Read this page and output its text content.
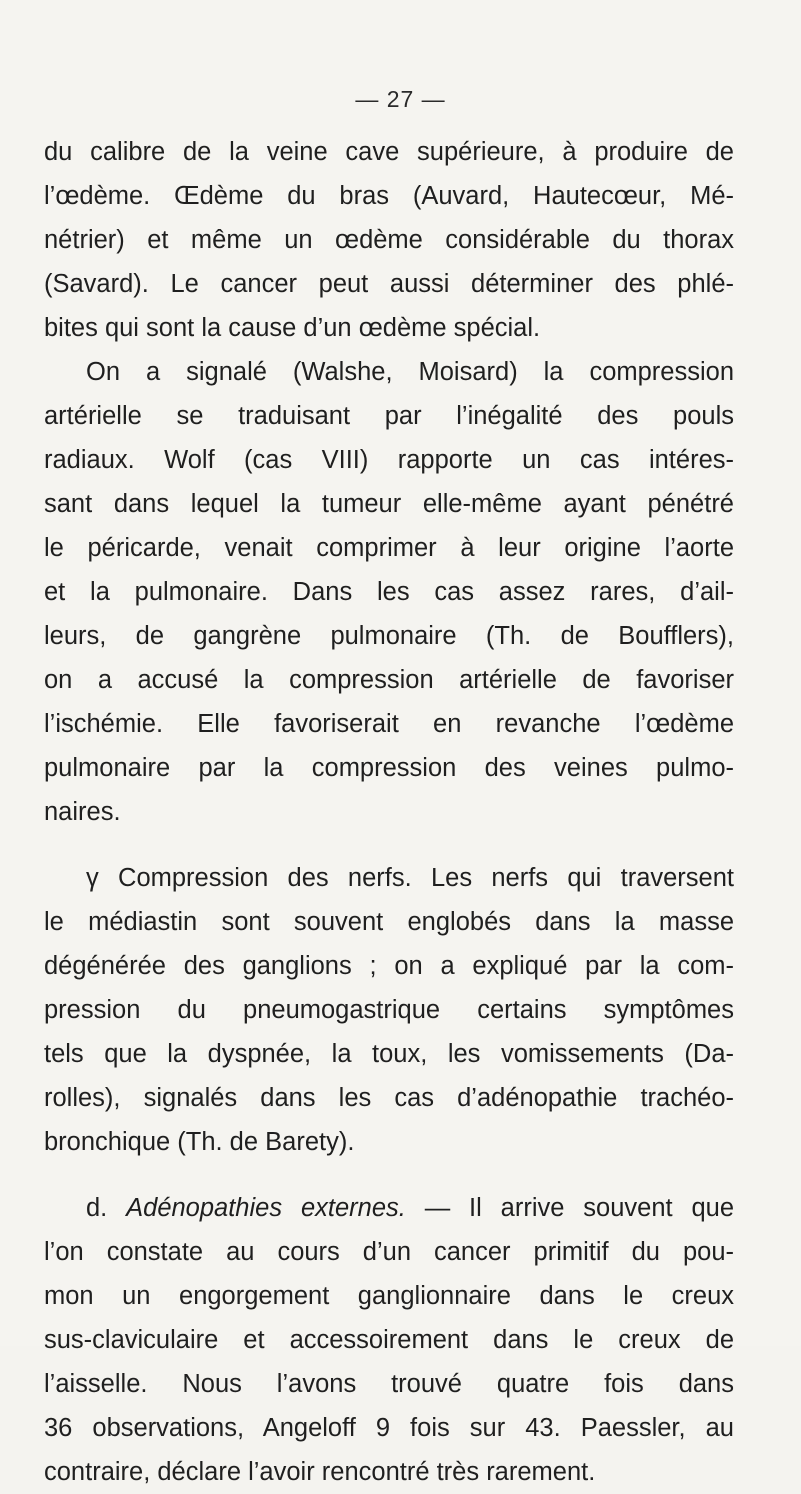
— 27 —
du calibre de la veine cave supérieure, à produire de
l’œdème. Œdème du bras (Auvard, Hautecœur, Mé-
nétrier) et même un œdème considérable du thorax
(Savard). Le cancer peut aussi déterminer des phlé-
bites qui sont la cause d’un œdème spécial.
On a signalé (Walshe, Moisard) la compression
artérielle se traduisant par l’inégalité des pouls
radiaux. Wolf (cas VIII) rapporte un cas intéres-
sant dans lequel la tumeur elle-même ayant pénétré
le péricarde, venait comprimer à leur origine l’aorte
et la pulmonaire. Dans les cas assez rares, d’ail-
leurs, de gangrène pulmonaire (Th. de Boufflers),
on a accusé la compression artérielle de favoriser
l’ischémie. Elle favoriserait en revanche l’œdème
pulmonaire par la compression des veines pulmo-
naires.
γ Compression des nerfs. Les nerfs qui traversent
le médiastin sont souvent englobés dans la masse
dégénérée des ganglions ; on a expliqué par la com-
pression du pneumogastrique certains symptômes
tels que la dyspnée, la toux, les vomissements (Da-
rolles), signalés dans les cas d’adénopathie trachéo-
bronchique (Th. de Barety).
d. Adénopathies externes. — Il arrive souvent que
l’on constate au cours d’un cancer primitif du pou-
mon un engorgement ganglionnaire dans le creux
sus-claviculaire et accessoirement dans le creux de
l’aisselle. Nous l’avons trouvé quatre fois dans
36 observations, Angeloff 9 fois sur 43. Paessler, au
contraire, déclare l’avoir rencontré très rarement.
